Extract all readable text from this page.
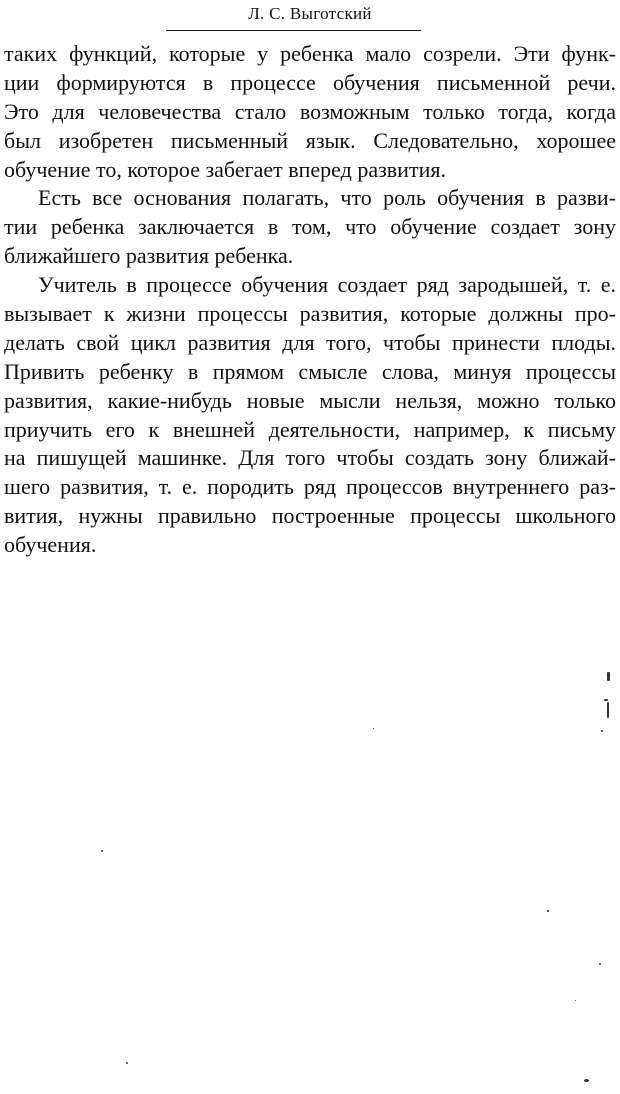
Л. С. Выготский
таких функций, которые у ребенка мало созрели. Эти функ-
ции формируются в процессе обучения письменной речи.
Это для человечества стало возможным только тогда, когда
был изобретен письменный язык. Следовательно, хорошее
обучение то, которое забегает вперед развития.
Есть все основания полагать, что роль обучения в разви-
тии ребенка заключается в том, что обучение создает зону
ближайшего развития ребенка.
Учитель в процессе обучения создает ряд зародышей, т. е.
вызывает к жизни процессы развития, которые должны про-
делать свой цикл развития для того, чтобы принести плоды.
Привить ребенку в прямом смысле слова, минуя процессы
развития, какие-нибудь новые мысли нельзя, можно только
приучить его к внешней деятельности, например, к письму
на пишущей машинке. Для того чтобы создать зону ближай-
шего развития, т. е. породить ряд процессов внутреннего раз-
вития, нужны правильно построенные процессы школьного
обучения.
